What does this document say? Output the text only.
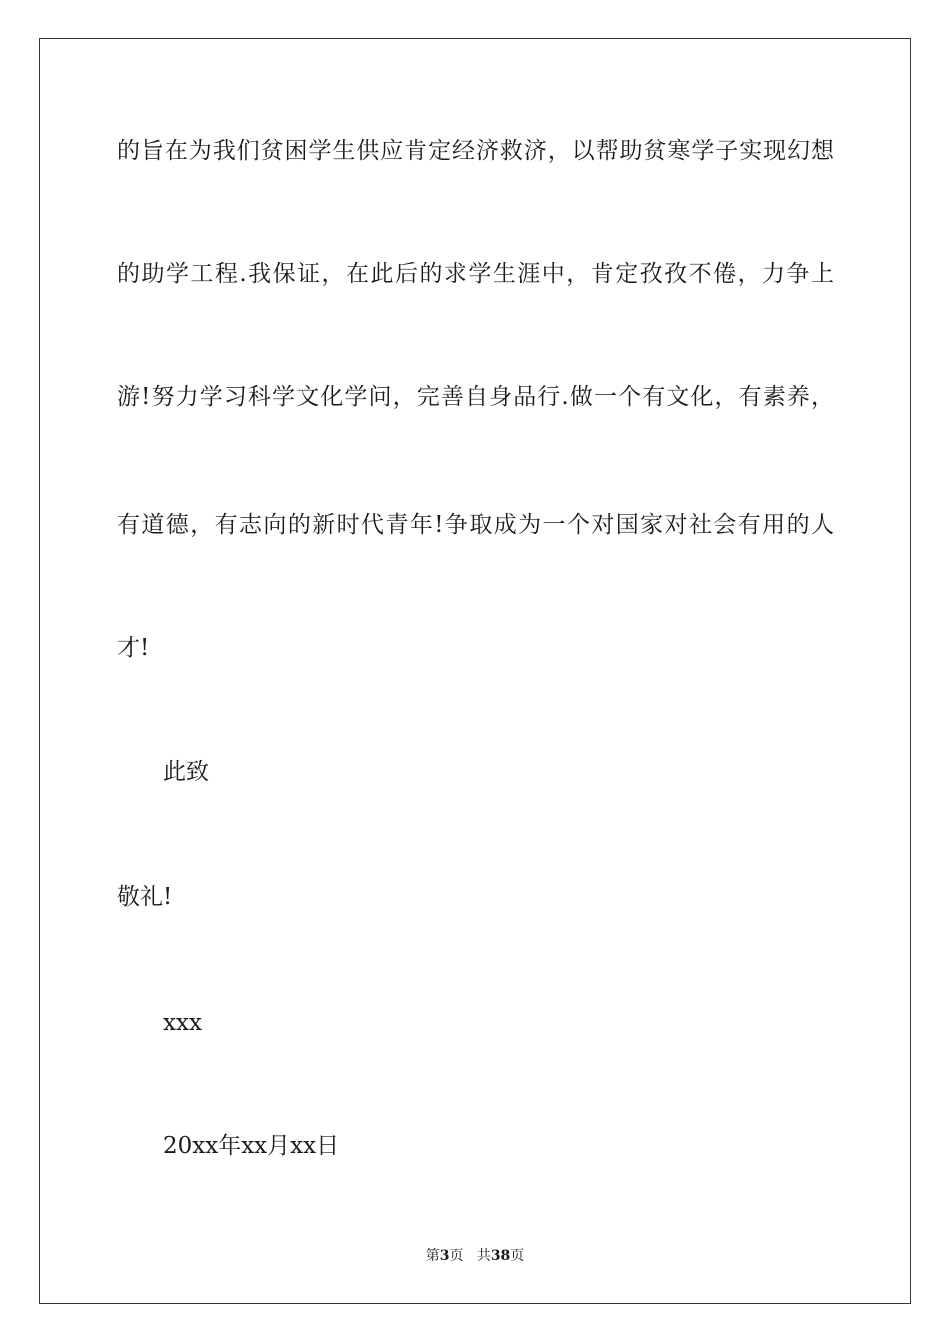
的旨在为我们贫困学生供应肯定经济救济，以帮助贫寒学子实现幻想
的助学工程.我保证，在此后的求学生涯中，肯定孜孜不倦，力争上
游!努力学习科学文化学问，完善自身品行.做一个有文化，有素养，
有道德，有志向的新时代青年!争取成为一个对国家对社会有用的人
才!
此致
敬礼!
xxx
20xx年xx月xx日
第3页 共38页
